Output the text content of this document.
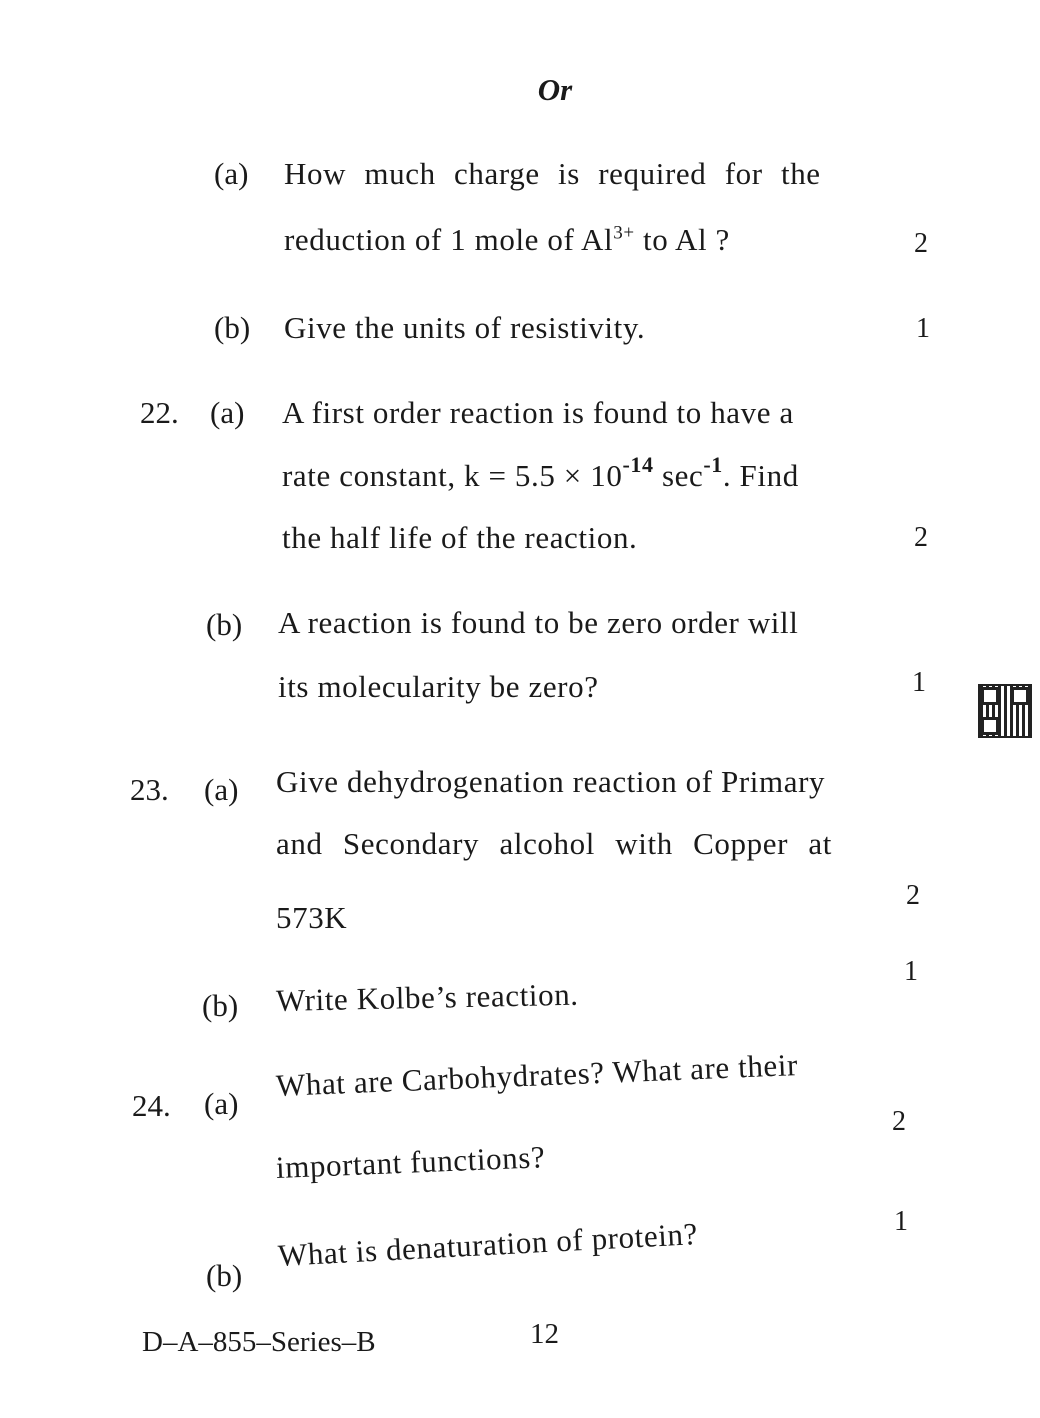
Or
(a) How much charge is required for the
reduction of 1 mole of $Al^{3+}$ to Al ?	2
(b) Give the units of resistivity.	1
22. (a) A first order reaction is found to have a
rate constant, $k = 5.5 \times 10^{-14}$ $\sec^{-1}$. Find
the half life of the reaction.	2
(b) A reaction is found to be zero order will
its molecularity be zero?	1
23. (a) Give dehydrogenation reaction of Primary
and Secondary alcohol with Copper at
2
573K
1
(b) Write Kolbe’s reaction.
24. (a)
What are Carbohydrates? What are their
2
important functions?
1
(b)
What is denaturation of protein?
D–A–855–Series–B	12
